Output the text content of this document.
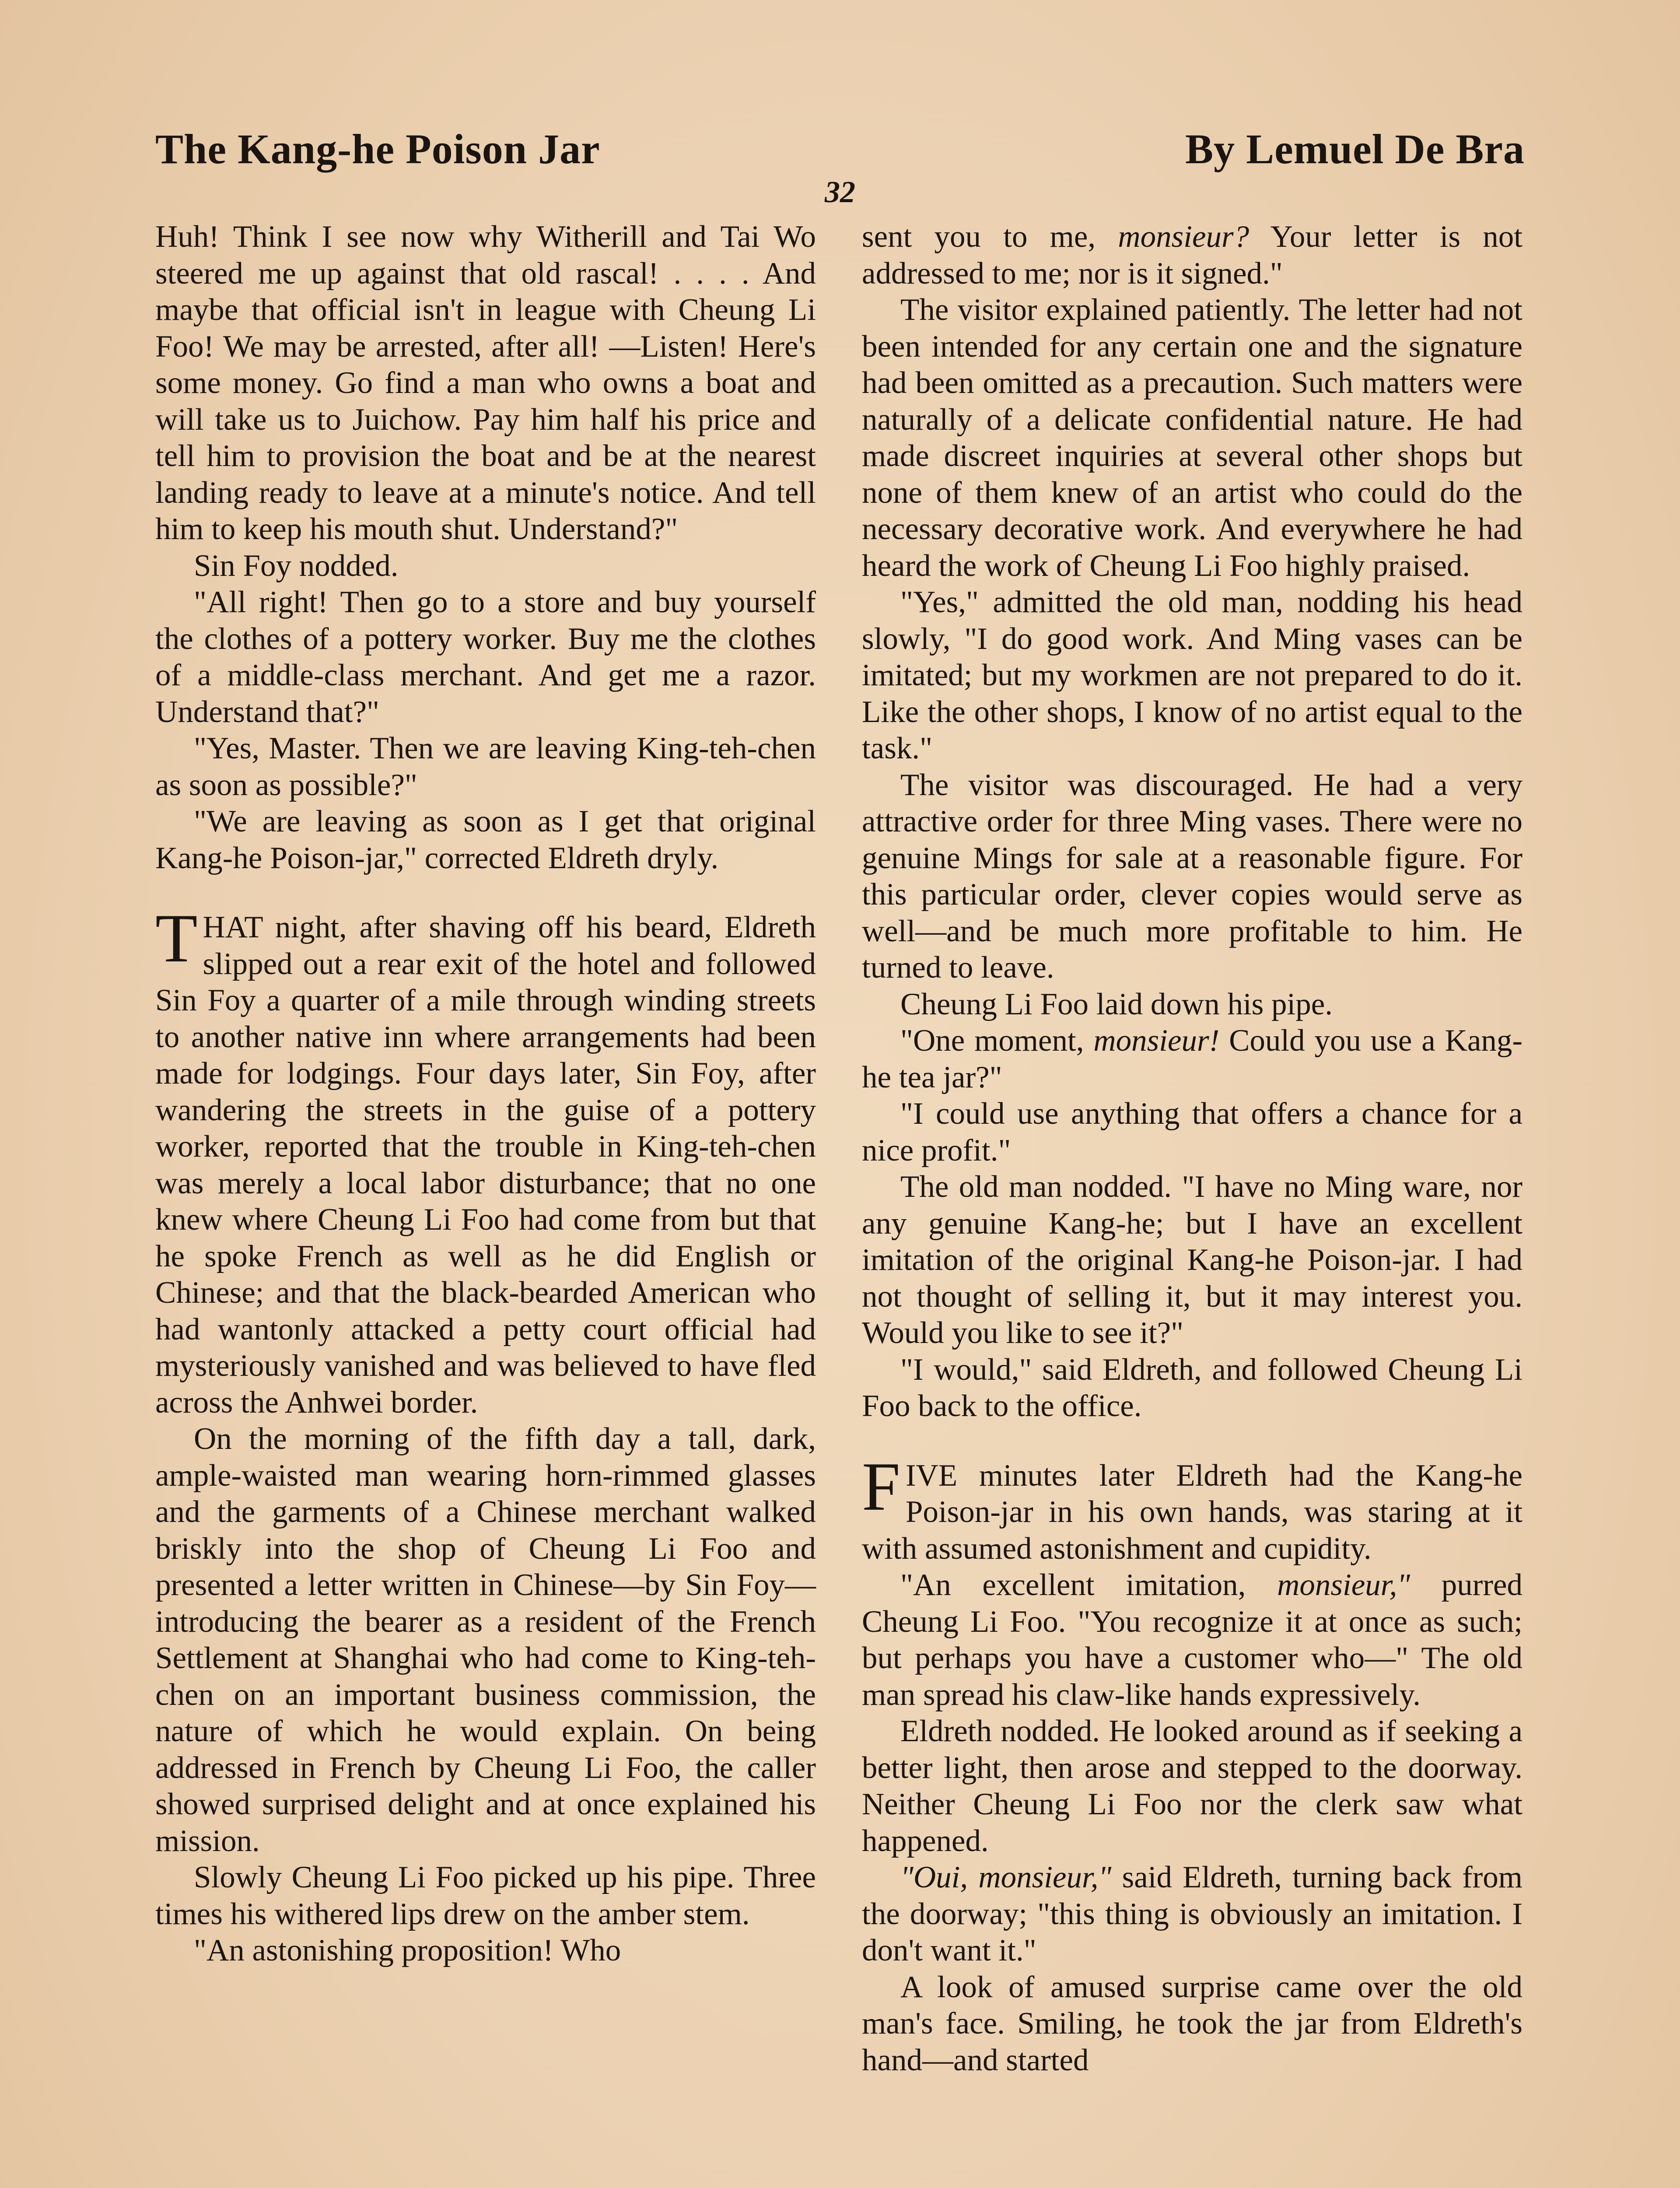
The Kang-he Poison Jar	By Lemuel De Bra
32

Huh! Think I see now why Witherill and Tai Wo steered me up against that old rascal! . . . . And maybe that official isn't in league with Cheung Li Foo! We may be arrested, after all! —Listen! Here's some money. Go find a man who owns a boat and will take us to Juichow. Pay him half his price and tell him to provision the boat and be at the nearest landing ready to leave at a minute's notice. And tell him to keep his mouth shut. Understand?"

Sin Foy nodded.

"All right! Then go to a store and buy yourself the clothes of a pottery worker. Buy me the clothes of a middle-class merchant. And get me a razor. Understand that?"

"Yes, Master. Then we are leaving King-teh-chen as soon as possible?"

"We are leaving as soon as I get that original Kang-he Poison-jar," corrected Eldreth dryly.

THAT night, after shaving off his beard, Eldreth slipped out a rear exit of the hotel and followed Sin Foy a quarter of a mile through winding streets to another native inn where arrangements had been made for lodgings. Four days later, Sin Foy, after wandering the streets in the guise of a pottery worker, reported that the trouble in King-teh-chen was merely a local labor disturbance; that no one knew where Cheung Li Foo had come from but that he spoke French as well as he did English or Chinese; and that the black-bearded American who had wantonly attacked a petty court official had mysteriously vanished and was believed to have fled across the Anhwei border.

On the morning of the fifth day a tall, dark, ample-waisted man wearing horn-rimmed glasses and the garments of a Chinese merchant walked briskly into the shop of Cheung Li Foo and presented a letter written in Chinese—by Sin Foy—introducing the bearer as a resident of the French Settlement at Shanghai who had come to King-teh-chen on an important business commission, the nature of which he would explain. On being addressed in French by Cheung Li Foo, the caller showed surprised delight and at once explained his mission.

Slowly Cheung Li Foo picked up his pipe. Three times his withered lips drew on the amber stem.

"An astonishing proposition! Who

sent you to me, monsieur? Your letter is not addressed to me; nor is it signed."

The visitor explained patiently. The letter had not been intended for any certain one and the signature had been omitted as a precaution. Such matters were naturally of a delicate confidential nature. He had made discreet inquiries at several other shops but none of them knew of an artist who could do the necessary decorative work. And everywhere he had heard the work of Cheung Li Foo highly praised.

"Yes," admitted the old man, nodding his head slowly, "I do good work. And Ming vases can be imitated; but my workmen are not prepared to do it. Like the other shops, I know of no artist equal to the task."

The visitor was discouraged. He had a very attractive order for three Ming vases. There were no genuine Mings for sale at a reasonable figure. For this particular order, clever copies would serve as well—and be much more profitable to him. He turned to leave.

Cheung Li Foo laid down his pipe.

"One moment, monsieur! Could you use a Kang-he tea jar?"

"I could use anything that offers a chance for a nice profit."

The old man nodded. "I have no Ming ware, nor any genuine Kang-he; but I have an excellent imitation of the original Kang-he Poison-jar. I had not thought of selling it, but it may interest you. Would you like to see it?"

"I would," said Eldreth, and followed Cheung Li Foo back to the office.

FIVE minutes later Eldreth had the Kang-he Poison-jar in his own hands, was staring at it with assumed astonishment and cupidity.

"An excellent imitation, monsieur," purred Cheung Li Foo. "You recognize it at once as such; but perhaps you have a customer who—" The old man spread his claw-like hands expressively.

Eldreth nodded. He looked around as if seeking a better light, then arose and stepped to the doorway. Neither Cheung Li Foo nor the clerk saw what happened.

"Oui, monsieur," said Eldreth, turning back from the doorway; "this thing is obviously an imitation. I don't want it."

A look of amused surprise came over the old man's face. Smiling, he took the jar from Eldreth's hand—and started
